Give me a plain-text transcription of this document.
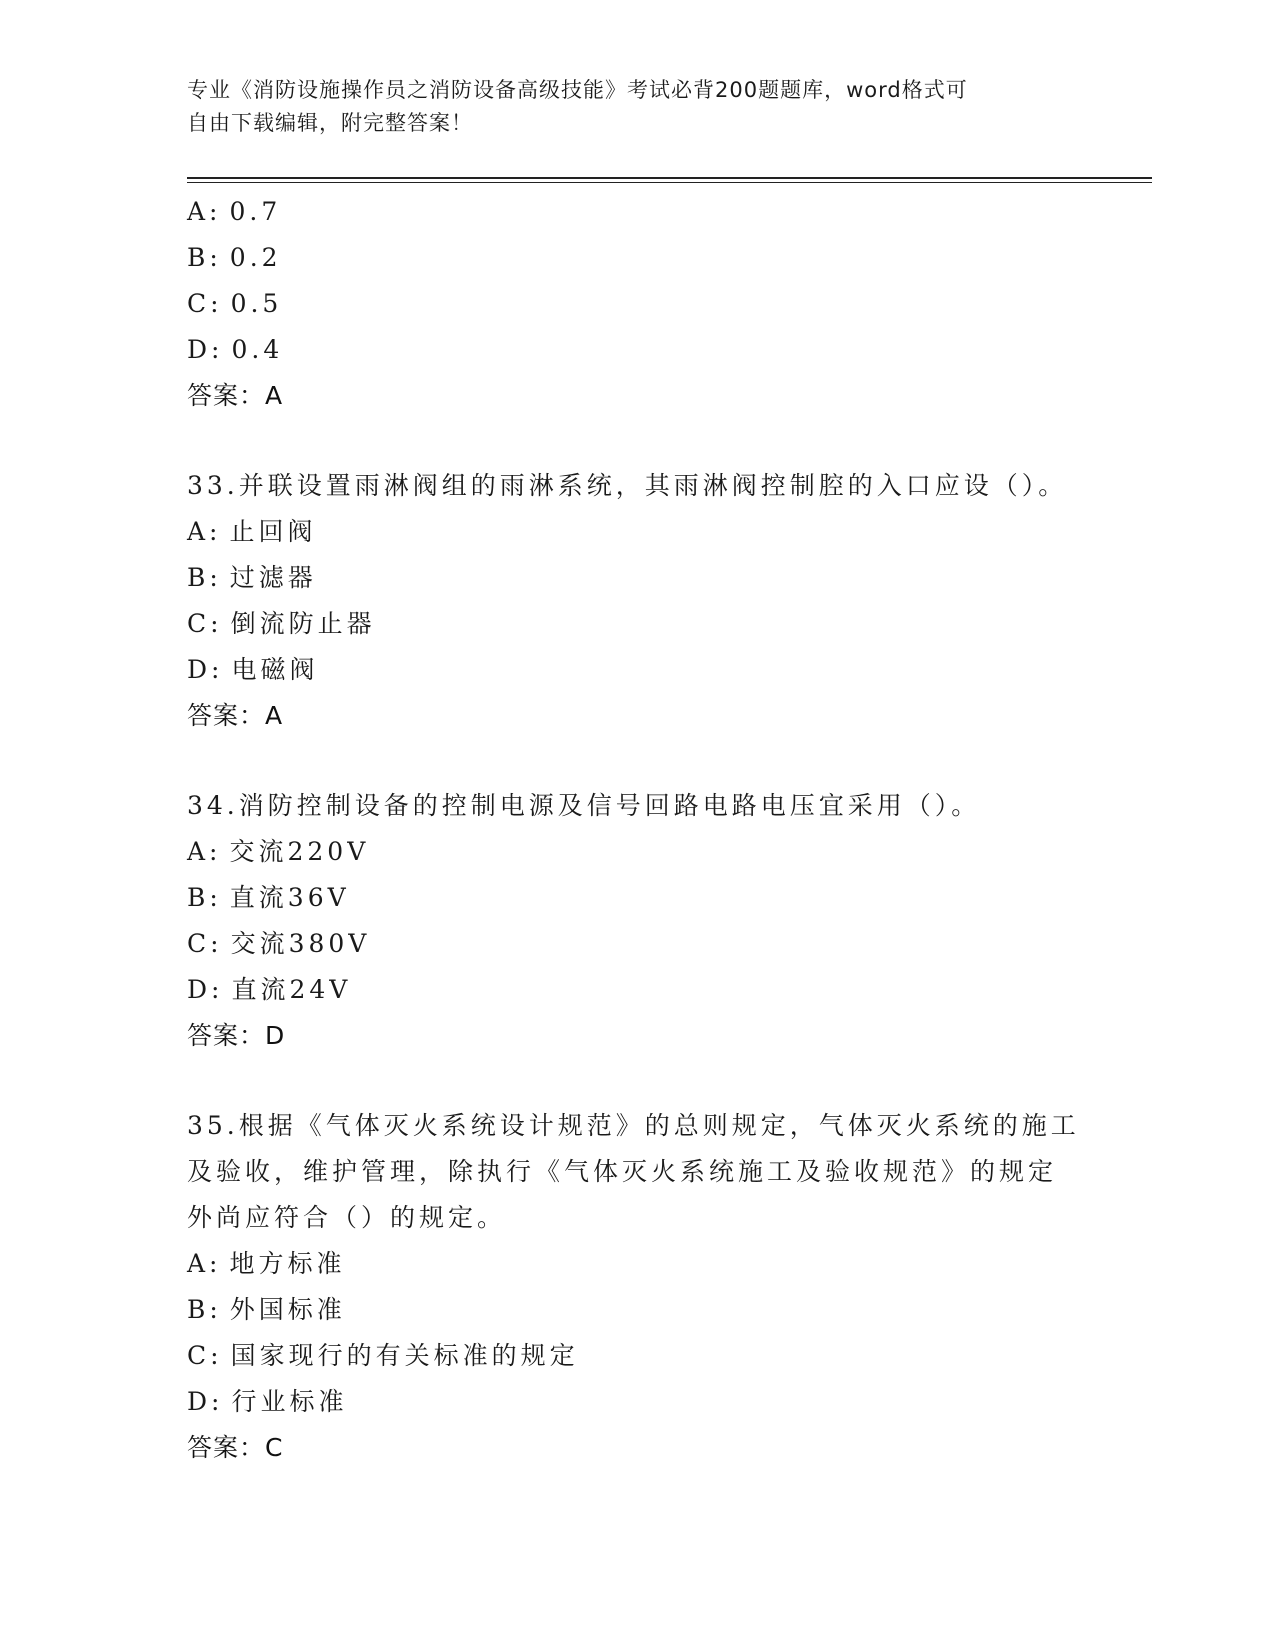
专业《消防设施操作员之消防设备高级技能》考试必背200题题库，word格式可
自由下载编辑，附完整答案！
A: 0.7
B: 0.2
C: 0.5
D: 0.4
答案：A
33.并联设置雨淋阀组的雨淋系统，其雨淋阀控制腔的入口应设（）。
A: 止回阀
B: 过滤器
C: 倒流防止器
D: 电磁阀
答案：A
34.消防控制设备的控制电源及信号回路电路电压宜采用（）。
A: 交流220V
B: 直流36V
C: 交流380V
D: 直流24V
答案：D
35.根据《气体灭火系统设计规范》的总则规定，气体灭火系统的施工
及验收，维护管理，除执行《气体灭火系统施工及验收规范》的规定
外尚应符合（）的规定。
A: 地方标准
B: 外国标准
C: 国家现行的有关标准的规定
D: 行业标准
答案：C
